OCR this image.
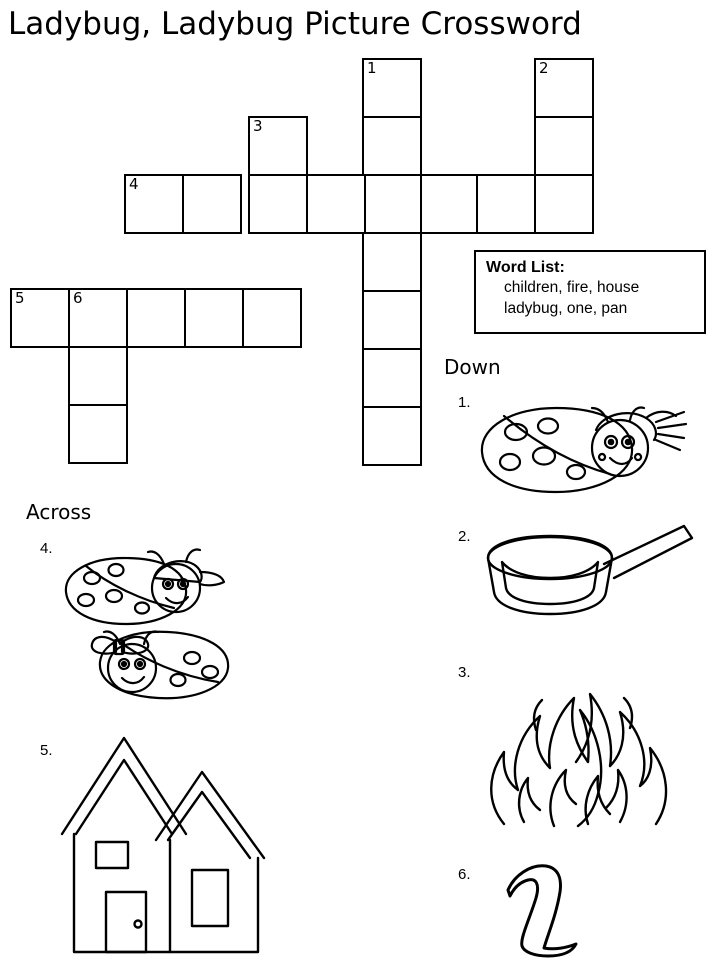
Ladybug, Ladybug Picture Crossword
1	2
3
4
5	6
Word List:
children, fire, house
ladybug, one, pan
Down
Across
1.
2.
3.
6.
4.
5.
